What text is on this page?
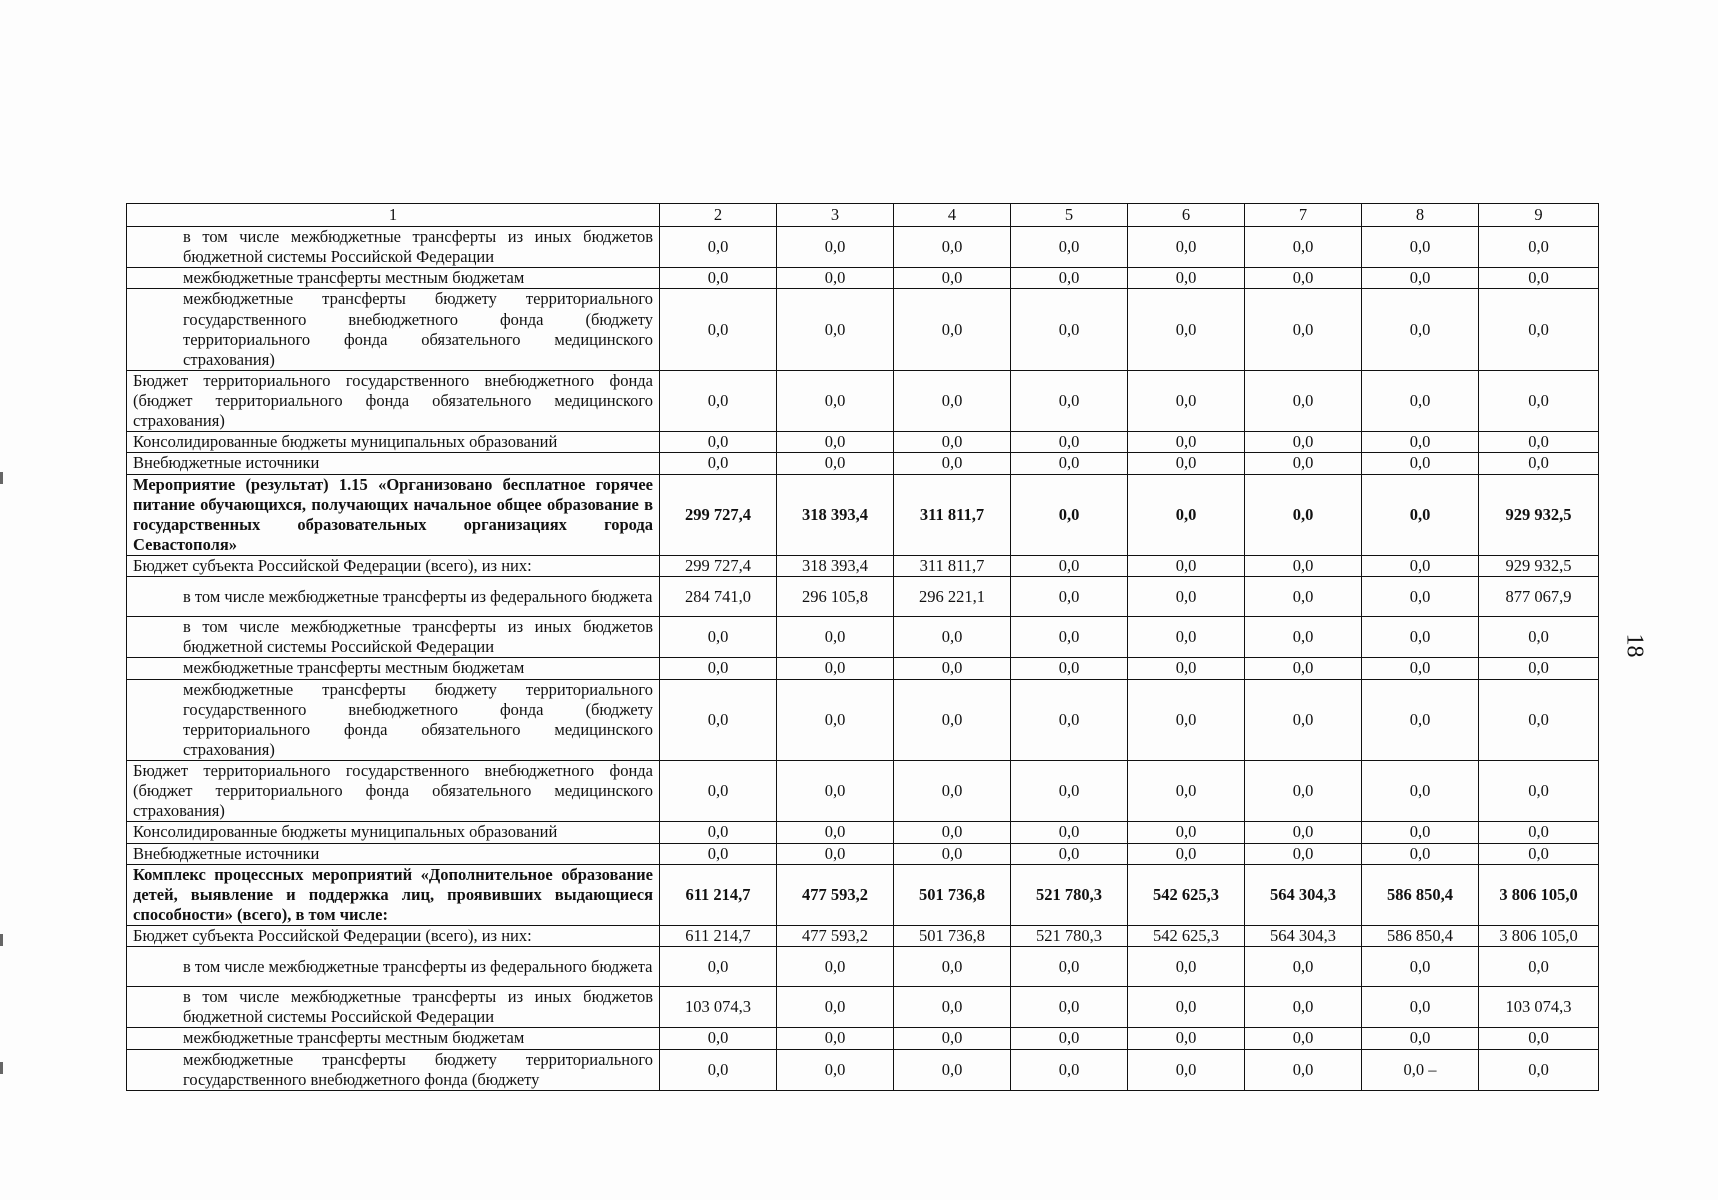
1	2	3	4	5	6	7	8	9
в том числе межбюджетные трансферты из иных бюджетов бюджетной системы Российской Федерации	0,0	0,0	0,0	0,0	0,0	0,0	0,0	0,0
межбюджетные трансферты местным бюджетам	0,0	0,0	0,0	0,0	0,0	0,0	0,0	0,0
межбюджетные трансферты бюджету территориального государственного внебюджетного фонда (бюджету территориального фонда обязательного медицинского страхования)	0,0	0,0	0,0	0,0	0,0	0,0	0,0	0,0
Бюджет территориального государственного внебюджетного фонда (бюджет территориального фонда обязательного медицинского страхования)	0,0	0,0	0,0	0,0	0,0	0,0	0,0	0,0
Консолидированные бюджеты муниципальных образований	0,0	0,0	0,0	0,0	0,0	0,0	0,0	0,0
Внебюджетные источники	0,0	0,0	0,0	0,0	0,0	0,0	0,0	0,0
Мероприятие (результат) 1.15 «Организовано бесплатное горячее питание обучающихся, получающих начальное общее образование в государственных образовательных организациях города Севастополя»	299 727,4	318 393,4	311 811,7	0,0	0,0	0,0	0,0	929 932,5
Бюджет субъекта Российской Федерации (всего), из них:	299 727,4	318 393,4	311 811,7	0,0	0,0	0,0	0,0	929 932,5
в том числе межбюджетные трансферты из федерального бюджета	284 741,0	296 105,8	296 221,1	0,0	0,0	0,0	0,0	877 067,9
в том числе межбюджетные трансферты из иных бюджетов бюджетной системы Российской Федерации	0,0	0,0	0,0	0,0	0,0	0,0	0,0	0,0
межбюджетные трансферты местным бюджетам	0,0	0,0	0,0	0,0	0,0	0,0	0,0	0,0
межбюджетные трансферты бюджету территориального государственного внебюджетного фонда (бюджету территориального фонда обязательного медицинского страхования)	0,0	0,0	0,0	0,0	0,0	0,0	0,0	0,0
Бюджет территориального государственного внебюджетного фонда (бюджет территориального фонда обязательного медицинского страхования)	0,0	0,0	0,0	0,0	0,0	0,0	0,0	0,0
Консолидированные бюджеты муниципальных образований	0,0	0,0	0,0	0,0	0,0	0,0	0,0	0,0
Внебюджетные источники	0,0	0,0	0,0	0,0	0,0	0,0	0,0	0,0
Комплекс процессных мероприятий «Дополнительное образование детей, выявление и поддержка лиц, проявивших выдающиеся способности» (всего), в том числе:	611 214,7	477 593,2	501 736,8	521 780,3	542 625,3	564 304,3	586 850,4	3 806 105,0
Бюджет субъекта Российской Федерации (всего), из них:	611 214,7	477 593,2	501 736,8	521 780,3	542 625,3	564 304,3	586 850,4	3 806 105,0
в том числе межбюджетные трансферты из федерального бюджета	0,0	0,0	0,0	0,0	0,0	0,0	0,0	0,0
в том числе межбюджетные трансферты из иных бюджетов бюджетной системы Российской Федерации	103 074,3	0,0	0,0	0,0	0,0	0,0	0,0	103 074,3
межбюджетные трансферты местным бюджетам	0,0	0,0	0,0	0,0	0,0	0,0	0,0	0,0
межбюджетные трансферты бюджету территориального государственного внебюджетного фонда (бюджету	0,0	0,0	0,0	0,0	0,0	0,0	0,0 –	0,0
18
